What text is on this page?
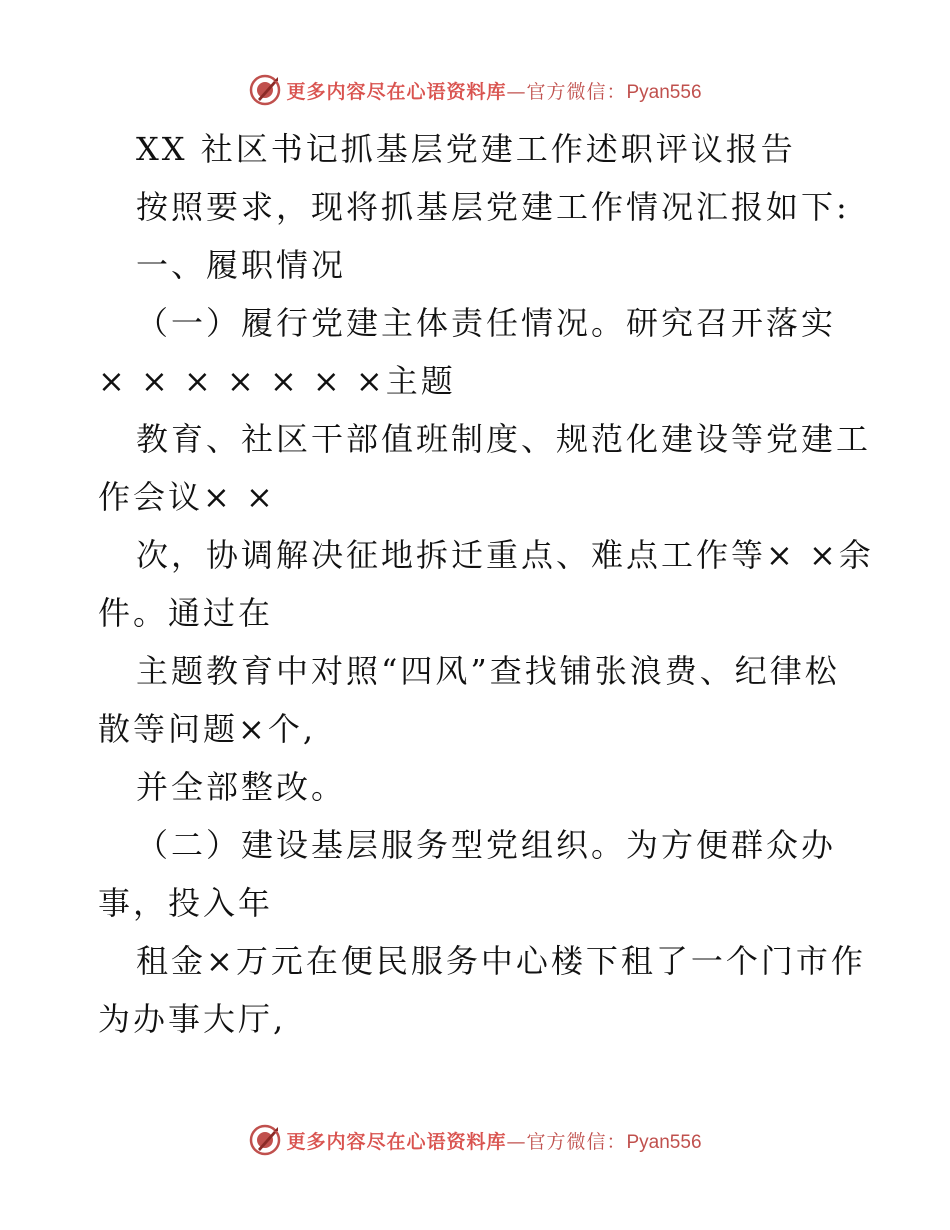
更多内容尽在心语资料库—官方微信：Pyan556
XX 社区书记抓基层党建工作述职评议报告
按照要求，现将抓基层党建工作情况汇报如下:
一、履职情况
（一）履行党建主体责任情况。研究召开落实
× × × × × × ×主题
教育、社区干部值班制度、规范化建设等党建工
作会议× ×
次，协调解决征地拆迁重点、难点工作等× ×余
件。通过在
主题教育中对照“四风”查找铺张浪费、纪律松
散等问题×个,
并全部整改。
（二）建设基层服务型党组织。为方便群众办
事，投入年
租金×万元在便民服务中心楼下租了一个门市作
为办事大厅,
更多内容尽在心语资料库—官方微信：Pyan556
